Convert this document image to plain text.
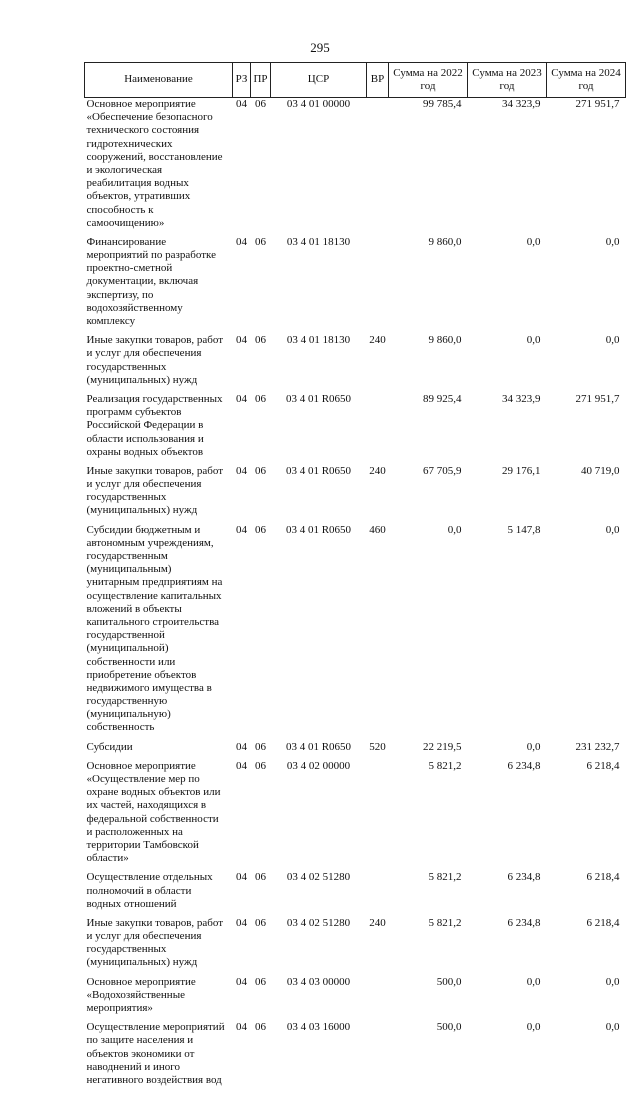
295
Наименование	РЗ	ПР	ЦСР	ВР	Сумма на 2022 год	Сумма на 2023 год	Сумма на 2024 год
Основное мероприятие «Обеспечение безопасного технического состояния гидротехнических сооружений, восстановление и экологическая реабилитация водных объектов, утративших способность к самоочищению»	04	06	03 4 01 00000		99 785,4	34 323,9	271 951,7
Финансирование мероприятий по разработке проектно-сметной документации, включая экспертизу, по водохозяйственному комплексу	04	06	03 4 01 18130		9 860,0	0,0	0,0
Иные закупки товаров, работ и услуг для обеспечения государственных (муниципальных) нужд	04	06	03 4 01 18130	240	9 860,0	0,0	0,0
Реализация государственных программ субъектов Российской Федерации в области использования и охраны водных объектов	04	06	03 4 01 R0650		89 925,4	34 323,9	271 951,7
Иные закупки товаров, работ и услуг для обеспечения государственных (муниципальных) нужд	04	06	03 4 01 R0650	240	67 705,9	29 176,1	40 719,0
Субсидии бюджетным и автономным учреждениям, государственным (муниципальным) унитарным предприятиям на осуществление капитальных вложений в объекты капитального строительства государственной (муниципальной) собственности или приобретение объектов недвижимого имущества в государственную (муниципальную) собственность	04	06	03 4 01 R0650	460	0,0	5 147,8	0,0
Субсидии	04	06	03 4 01 R0650	520	22 219,5	0,0	231 232,7
Основное мероприятие «Осуществление мер по охране водных объектов или их частей, находящихся в федеральной собственности и расположенных на территории Тамбовской области»	04	06	03 4 02 00000		5 821,2	6 234,8	6 218,4
Осуществление отдельных полномочий в области водных отношений	04	06	03 4 02 51280		5 821,2	6 234,8	6 218,4
Иные закупки товаров, работ и услуг для обеспечения государственных (муниципальных) нужд	04	06	03 4 02 51280	240	5 821,2	6 234,8	6 218,4
Основное мероприятие «Водохозяйственные мероприятия»	04	06	03 4 03 00000		500,0	0,0	0,0
Осуществление мероприятий по защите населения и объектов экономики от наводнений и иного негативного воздействия вод	04	06	03 4 03 16000		500,0	0,0	0,0
